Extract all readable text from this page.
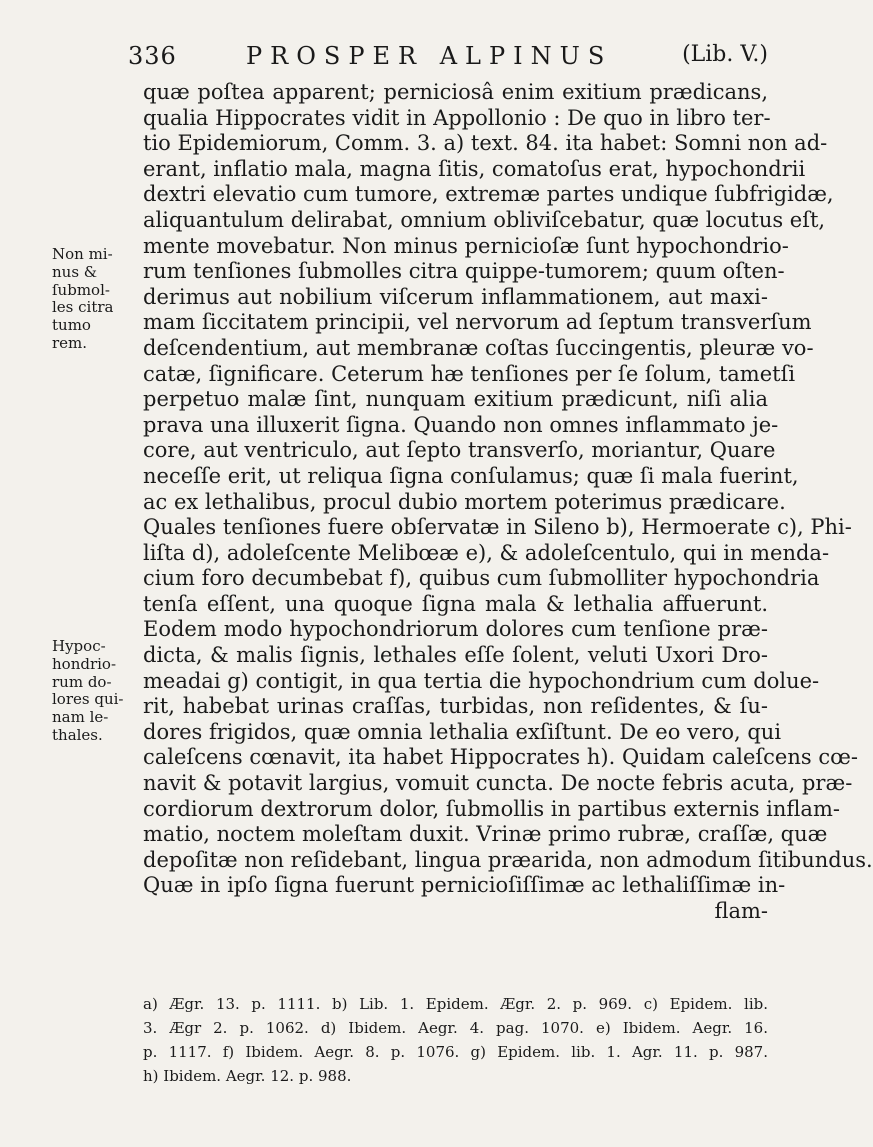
336	PROSPER ALPINUS	(Lib. V.)
quæ poſtea apparent; perniciosâ enim exitium prædicans,
qualia Hippocrates vidit in Appollonio : De quo in libro ter-
tio Epidemiorum, Comm. 3. a) text. 84. ita habet: Somni non ad-
erant, inflatio mala, magna ſitis, comatoſus erat, hypochondrii
dextri elevatio cum tumore, extremæ partes undique ſubfrigidæ,
aliquantulum delirabat, omnium obliviſcebatur, quæ locutus eſt,
mente movebatur. Non minus pernicioſæ ſunt hypochondrio-
rum tenſiones ſubmolles citra quippe-tumorem; quum oſten-
derimus aut nobilium viſcerum inflammationem, aut maxi-
mam ſiccitatem principii, vel nervorum ad ſeptum transverſum
deſcendentium, aut membranæ coſtas ſuccingentis, pleuræ vo-
catæ, ſignificare. Ceterum hæ tenſiones per ſe ſolum, tametſi
perpetuo malæ ſint, nunquam exitium prædicunt, niſi alia
prava una illuxerit ſigna. Quando non omnes inflammato je-
core, aut ventriculo, aut ſepto transverſo, moriantur, Quare
neceſſe erit, ut reliqua ſigna conſulamus; quæ ſi mala fuerint,
ac ex lethalibus, procul dubio mortem poterimus prædicare.
Quales tenſiones fuere obſervatæ in Sileno b), Hermoerate c), Phi-
liſta d), adoleſcente Melibœæ e), & adoleſcentulo, qui in menda-
cium foro decumbebat f), quibus cum ſubmolliter hypochondria
tenſa eſſent, una quoque ſigna mala & lethalia affuerunt.
Eodem modo hypochondriorum dolores cum tenſione præ-
dicta, & malis ſignis, lethales eſſe ſolent, veluti Uxori Dro-
meadai g) contigit, in qua tertia die hypochondrium cum dolue-
rit, habebat urinas craſſas, turbidas, non reſidentes, & ſu-
dores frigidos, quæ omnia lethalia exſiſtunt. De eo vero, qui
caleſcens cœnavit, ita habet Hippocrates h). Quidam caleſcens cœ-
navit & potavit largius, vomuit cuncta. De nocte febris acuta, præ-
cordiorum dextrorum dolor, ſubmollis in partibus externis inflam-
matio, noctem moleſtam duxit. Vrinæ primo rubræ, craſſæ, quæ
depoſitæ non reſidebant, lingua præarida, non admodum ſitibundus.
Quæ in ipſo ſigna fuerunt pernicioſiſſimæ ac lethaliſſimæ in-
flam-
Non mi-
nus &
ſubmol-
les citra
tumo
rem.
Hypoc-
hondrio-
rum do-
lores qui-
nam le-
thales.
a) Ægr. 13. p. 1111. b) Lib. 1. Epidem. Ægr. 2. p. 969. c) Epidem. lib.
3. Ægr 2. p. 1062. d) Ibidem. Aegr. 4. pag. 1070. e) Ibidem. Aegr. 16.
p. 1117. f) Ibidem. Aegr. 8. p. 1076. g) Epidem. lib. 1. Agr. 11. p. 987.
h) Ibidem. Aegr. 12. p. 988.
